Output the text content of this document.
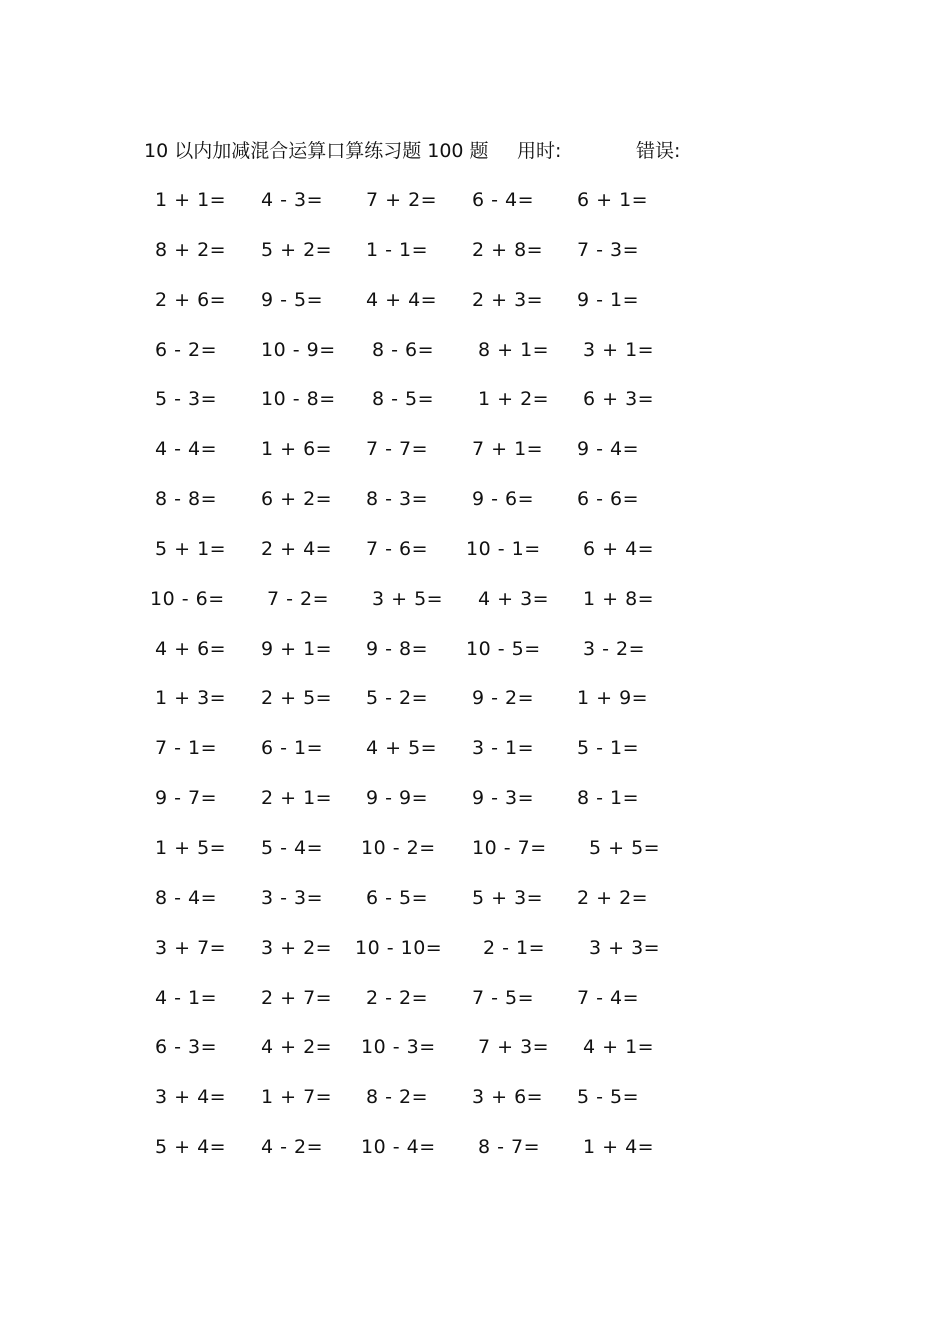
10 以内加减混合运算口算练习题 100 题 用时:	错误:
1 + 1= 4 - 3= 7 + 2= 6 - 4= 6 + 1=
8 + 2= 5 + 2= 1 - 1= 2 + 8= 7 - 3=
2 + 6= 9 - 5= 4 + 4= 2 + 3= 9 - 1=
6 - 2= 10 - 9= 8 - 6= 8 + 1= 3 + 1=
5 - 3= 10 - 8= 8 - 5= 1 + 2= 6 + 3=
4 - 4= 1 + 6= 7 - 7= 7 + 1= 9 - 4=
8 - 8= 6 + 2= 8 - 3= 9 - 6= 6 - 6=
5 + 1= 2 + 4= 7 - 6= 10 - 1= 6 + 4=
10 - 6= 7 - 2= 3 + 5= 4 + 3= 1 + 8=
4 + 6= 9 + 1= 9 - 8= 10 - 5= 3 - 2=
1 + 3= 2 + 5= 5 - 2= 9 - 2= 1 + 9=
7 - 1= 6 - 1= 4 + 5= 3 - 1= 5 - 1=
9 - 7= 2 + 1= 9 - 9= 9 - 3= 8 - 1=
1 + 5= 5 - 4= 10 - 2= 10 - 7= 5 + 5=
8 - 4= 3 - 3= 6 - 5= 5 + 3= 2 + 2=
3 + 7= 3 + 2= 10 - 10= 2 - 1= 3 + 3=
4 - 1= 2 + 7= 2 - 2= 7 - 5= 7 - 4=
6 - 3= 4 + 2= 10 - 3= 7 + 3= 4 + 1=
3 + 4= 1 + 7= 8 - 2= 3 + 6= 5 - 5=
5 + 4= 4 - 2= 10 - 4= 8 - 7= 1 + 4=
